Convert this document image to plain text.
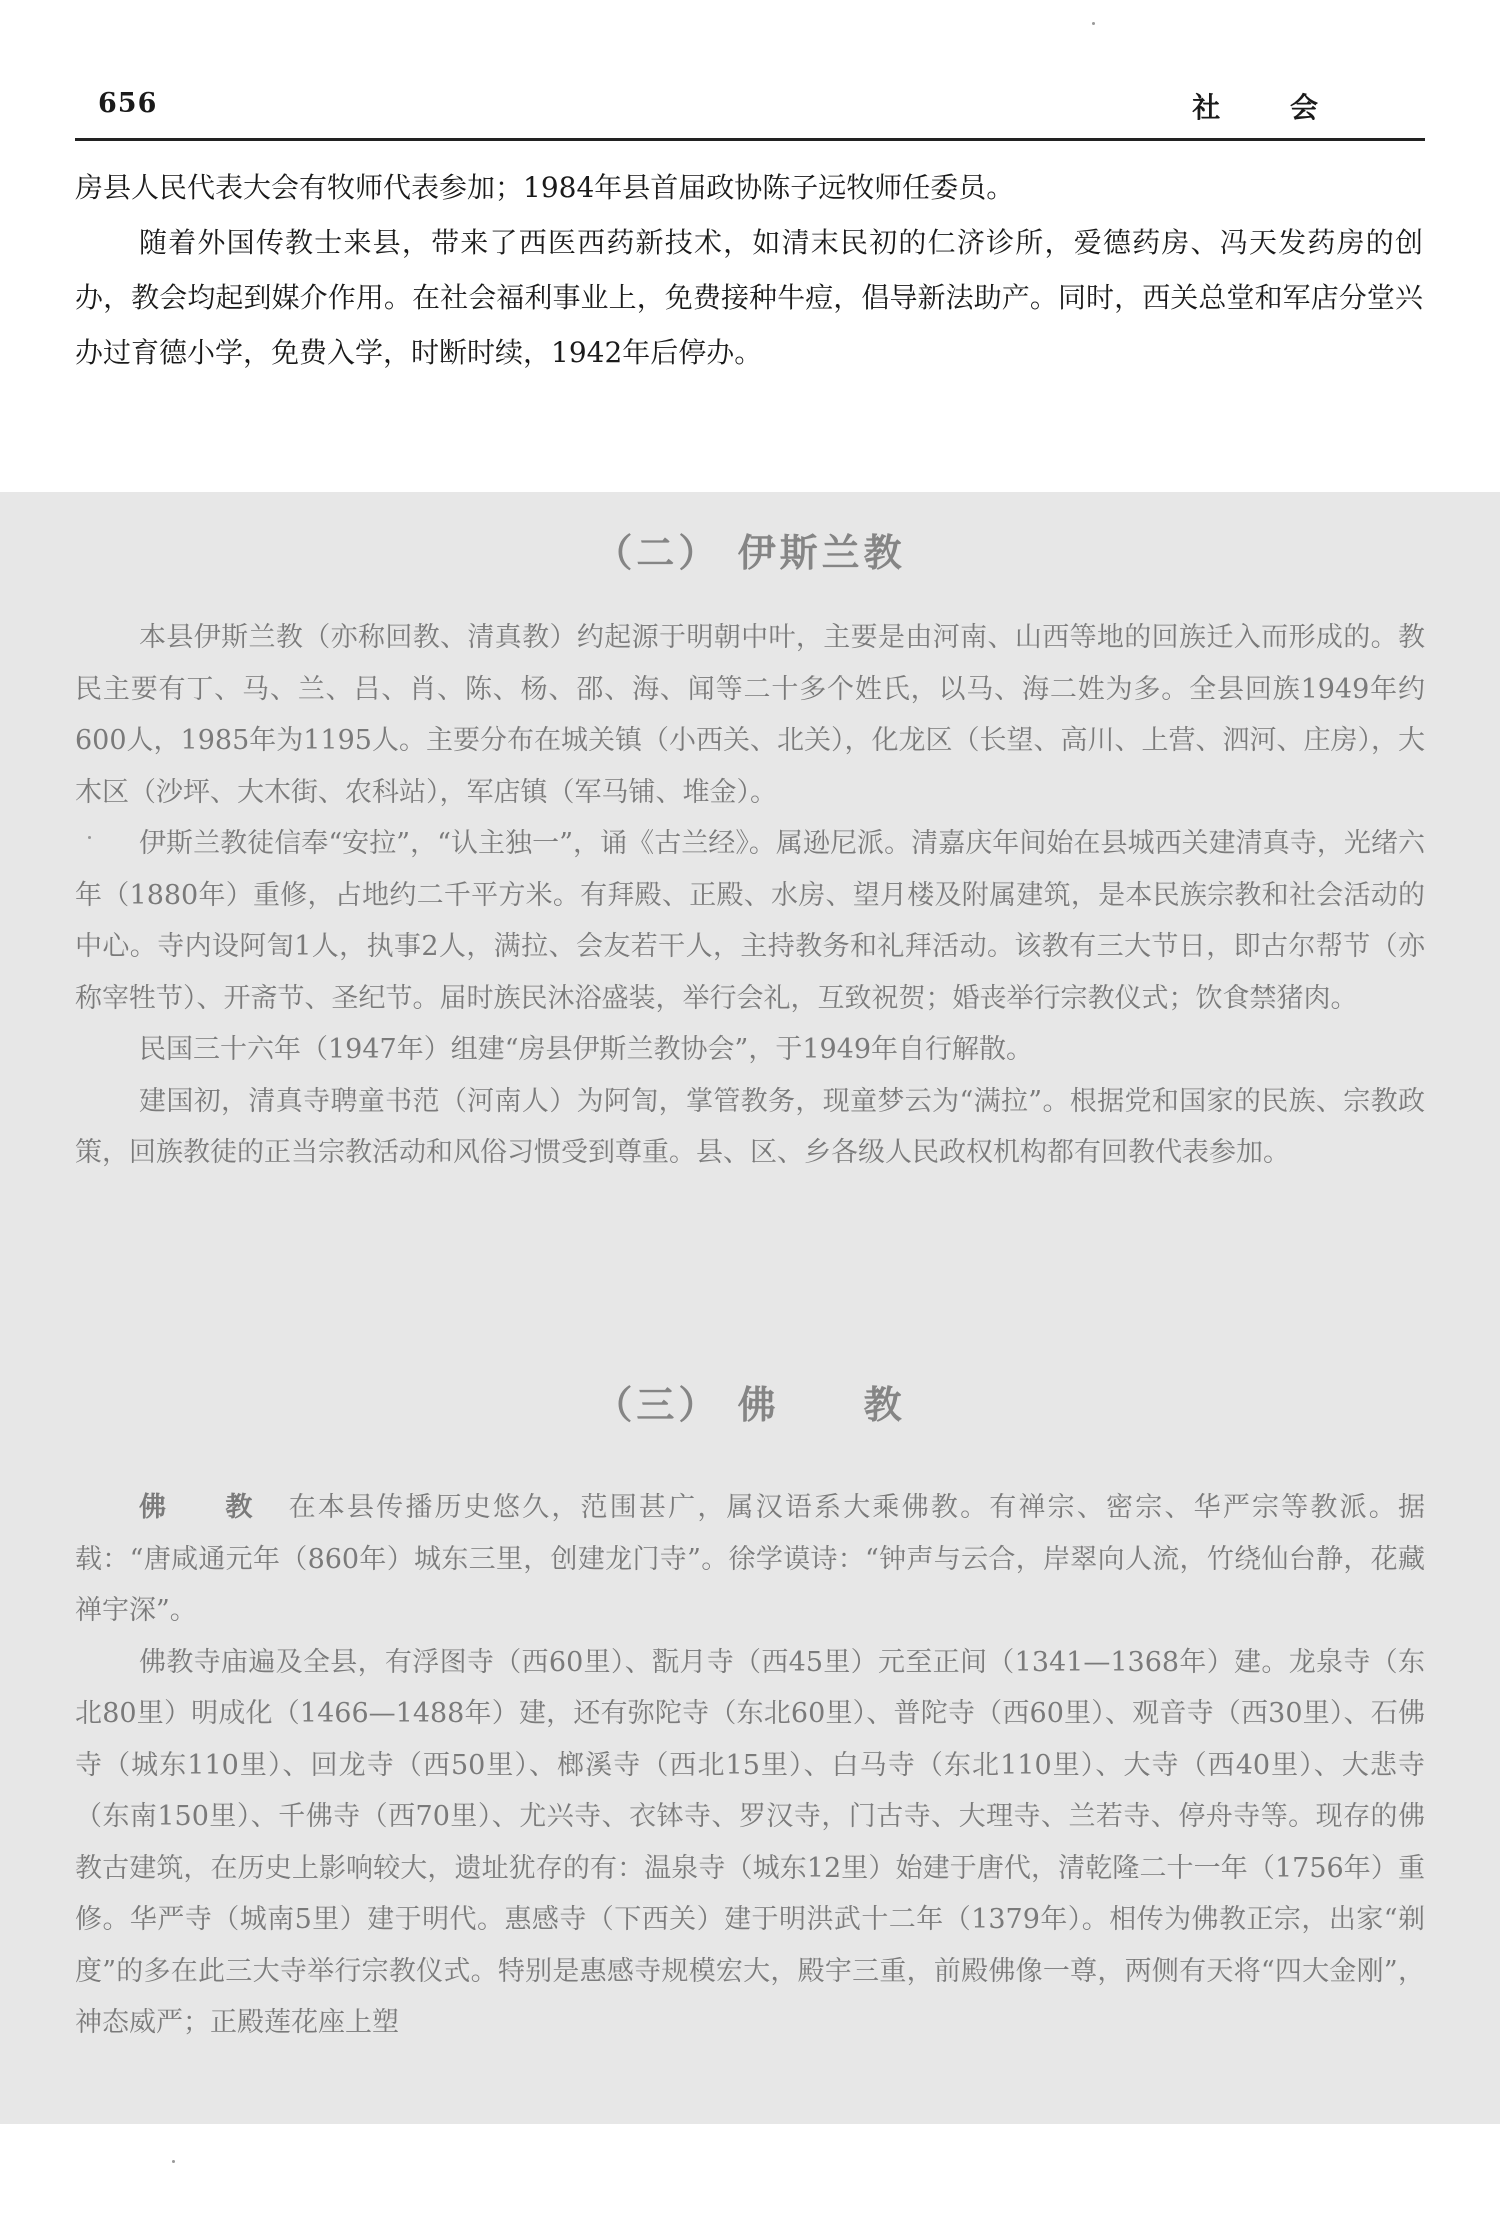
656	社 会

房县人民代表大会有牧师代表参加；1984年县首届政协陈子远牧师任委员。

随着外国传教士来县，带来了西医西药新技术，如清末民初的仁济诊所，爱德药房、冯天发药房的创办，教会均起到媒介作用。在社会福利事业上，免费接种牛痘，倡导新法助产。同时，西关总堂和军店分堂兴办过育德小学，免费入学，时断时续，1942年后停办。

（二） 伊斯兰教

本县伊斯兰教（亦称回教、清真教）约起源于明朝中叶，主要是由河南、山西等地的回族迁入而形成的。教民主要有丁、马、兰、吕、肖、陈、杨、邵、海、闻等二十多个姓氏，以马、海二姓为多。全县回族1949年约600人，1985年为1195人。主要分布在城关镇（小西关、北关），化龙区（长望、高川、上营、泗河、庄房），大木区（沙坪、大木街、农科站），军店镇（军马铺、堆金）。

伊斯兰教徒信奉“安拉”，“认主独一”，诵《古兰经》。属逊尼派。清嘉庆年间始在县城西关建清真寺，光绪六年（1880年）重修，占地约二千平方米。有拜殿、正殿、水房、望月楼及附属建筑，是本民族宗教和社会活动的中心。寺内设阿訇1人，执事2人，满拉、会友若干人，主持教务和礼拜活动。该教有三大节日，即古尔帮节（亦称宰牲节）、开斋节、圣纪节。届时族民沐浴盛装，举行会礼，互致祝贺；婚丧举行宗教仪式；饮食禁猪肉。

民国三十六年（1947年）组建“房县伊斯兰教协会”，于1949年自行解散。

建国初，清真寺聘童书范（河南人）为阿訇，掌管教务，现童梦云为“满拉”。根据党和国家的民族、宗教政策，回族教徒的正当宗教活动和风俗习惯受到尊重。县、区、乡各级人民政权机构都有回教代表参加。

（三） 佛　　教

佛　教 在本县传播历史悠久，范围甚广，属汉语系大乘佛教。有禅宗、密宗、华严宗等教派。据载：“唐咸通元年（860年）城东三里，创建龙门寺”。徐学谟诗：“钟声与云合，岸翠向人流，竹绕仙台静，花藏禅宇深”。

佛教寺庙遍及全县，有浮图寺（西60里）、翫月寺（西45里）元至正间（1341—1368年）建。龙泉寺（东北80里）明成化（1466—1488年）建，还有弥陀寺（东北60里）、普陀寺（西60里）、观音寺（西30里）、石佛寺（城东110里）、回龙寺（西50里）、榔溪寺（西北15里）、白马寺（东北110里）、大寺（西40里）、大悲寺（东南150里）、千佛寺（西70里）、尤兴寺、衣钵寺、罗汉寺，门古寺、大理寺、兰若寺、停舟寺等。现存的佛教古建筑，在历史上影响较大，遗址犹存的有：温泉寺（城东12里）始建于唐代，清乾隆二十一年（1756年）重修。华严寺（城南5里）建于明代。惠感寺（下西关）建于明洪武十二年（1379年）。相传为佛教正宗，出家“剃度”的多在此三大寺举行宗教仪式。特别是惠感寺规模宏大，殿宇三重，前殿佛像一尊，两侧有天将“四大金刚”，神态威严；正殿莲花座上塑
